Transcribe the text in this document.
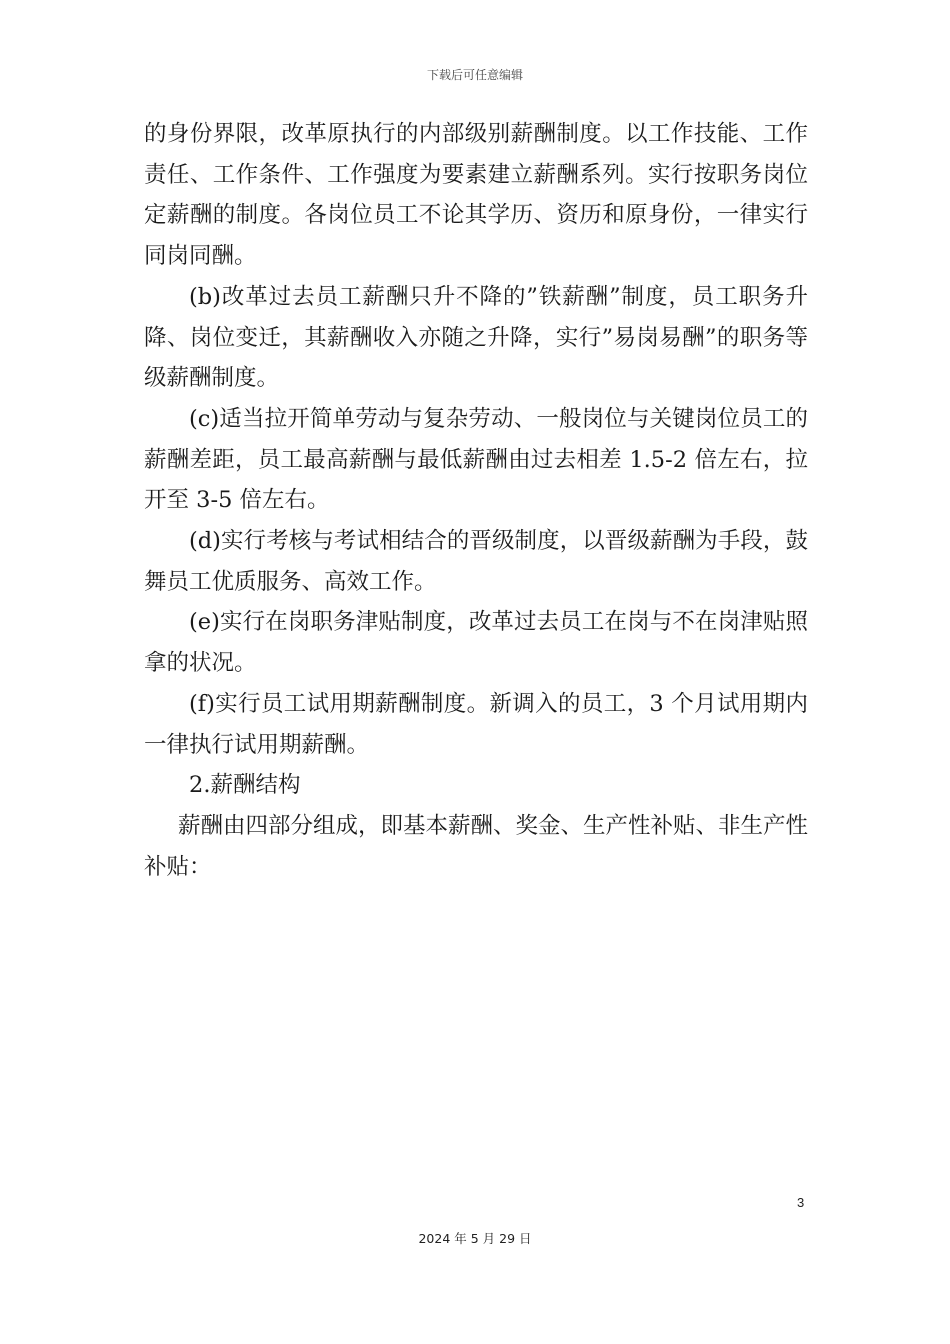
下载后可任意编辑

的身份界限，改革原执行的内部级别薪酬制度。以工作技能、工作责任、工作条件、工作强度为要素建立薪酬系列。实行按职务岗位定薪酬的制度。各岗位员工不论其学历、资历和原身份，一律实行同岗同酬。

(b)改革过去员工薪酬只升不降的”铁薪酬”制度，员工职务升降、岗位变迁，其薪酬收入亦随之升降，实行”易岗易酬”的职务等级薪酬制度。

(c)适当拉开简单劳动与复杂劳动、一般岗位与关键岗位员工的薪酬差距，员工最高薪酬与最低薪酬由过去相差 1.5-2 倍左右，拉开至 3-5 倍左右。

(d)实行考核与考试相结合的晋级制度，以晋级薪酬为手段，鼓舞员工优质服务、高效工作。

(e)实行在岗职务津贴制度，改革过去员工在岗与不在岗津贴照拿的状况。

(f)实行员工试用期薪酬制度。新调入的员工，3 个月试用期内一律执行试用期薪酬。

2.薪酬结构

薪酬由四部分组成，即基本薪酬、奖金、生产性补贴、非生产性补贴：

3
2024 年 5 月 29 日
